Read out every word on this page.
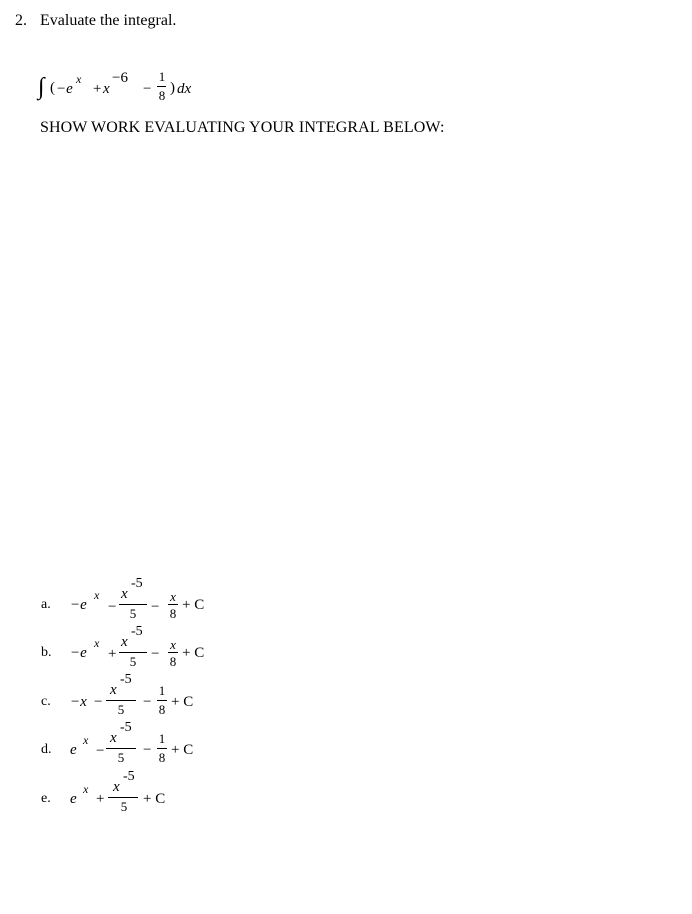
2. Evaluate the integral.
∫ ( −e
x
+ x
−6
−
1
8 ) dx
SHOW WORK EVALUATING YOUR INTEGRAL BELOW:
a. −e
x
−
x
-5
5 −
x
8
+ C
b. −e
x
+
x
-5
5 −
x
8
+ C
c. −x −
x
-5
5 −
1
8 + C
d. e
x
−
x
-5
5 −
1
8 + C
e. e
x
+
x
-5
5 + C
